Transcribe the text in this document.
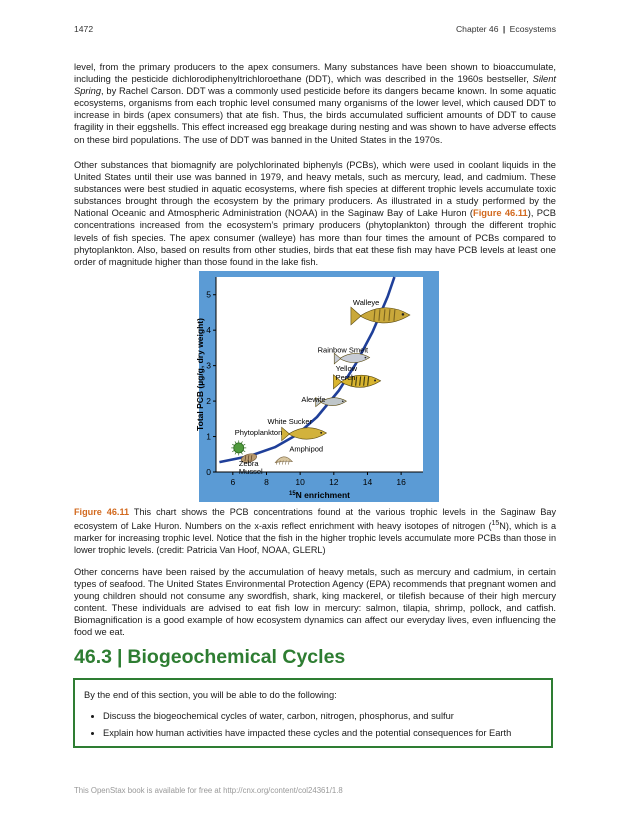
1472	Chapter 46 | Ecosystems

level, from the primary producers to the apex consumers. Many substances have been shown to bioaccumulate, including the pesticide dichlorodiphenyltrichloroethane (DDT), which was described in the 1960s bestseller, Silent Spring, by Rachel Carson. DDT was a commonly used pesticide before its dangers became known. In some aquatic ecosystems, organisms from each trophic level consumed many organisms of the lower level, which caused DDT to increase in birds (apex consumers) that ate fish. Thus, the birds accumulated sufficient amounts of DDT to cause fragility in their eggshells. This effect increased egg breakage during nesting and was shown to have adverse effects on these bird populations. The use of DDT was banned in the United States in the 1970s.

Other substances that biomagnify are polychlorinated biphenyls (PCBs), which were used in coolant liquids in the United States until their use was banned in 1979, and heavy metals, such as mercury, lead, and cadmium. These substances were best studied in aquatic ecosystems, where fish species at different trophic levels accumulate toxic substances brought through the ecosystem by the primary producers. As illustrated in a study performed by the National Oceanic and Atmospheric Administration (NOAA) in the Saginaw Bay of Lake Huron (Figure 46.11), PCB concentrations increased from the ecosystem’s primary producers (phytoplankton) through the different trophic levels of fish species. The apex consumer (walleye) has more than four times the amount of PCBs compared to phytoplankton. Also, based on results from other studies, birds that eat these fish may have PCB levels at least one order of magnitude higher than those found in the lake fish.

0
1
2
3
4
5
6	8	10	12	14	16
$^{15}$N enrichment
Total PCB (µg/g, dry weight)
Walleye
Rainbow Smelt
Yellow
Perch
Alewife
White Sucker
Phytoplankton
Zebra
Mussel
Amphipod

Figure 46.11 This chart shows the PCB concentrations found at the various trophic levels in the Saginaw Bay ecosystem of Lake Huron. Numbers on the x-axis reflect enrichment with heavy isotopes of nitrogen ($^{15}$N), which is a marker for increasing trophic level. Notice that the fish in the higher trophic levels accumulate more PCBs than those in lower trophic levels. (credit: Patricia Van Hoof, NOAA, GLERL)

Other concerns have been raised by the accumulation of heavy metals, such as mercury and cadmium, in certain types of seafood. The United States Environmental Protection Agency (EPA) recommends that pregnant women and young children should not consume any swordfish, shark, king mackerel, or tilefish because of their high mercury content. These individuals are advised to eat fish low in mercury: salmon, tilapia, shrimp, pollock, and catfish. Biomagnification is a good example of how ecosystem dynamics can affect our everyday lives, even influencing the food we eat.

46.3 | Biogeochemical Cycles
By the end of this section, you will be able to do the following:
• Discuss the biogeochemical cycles of water, carbon, nitrogen, phosphorus, and sulfur
• Explain how human activities have impacted these cycles and the potential consequences for Earth
This OpenStax book is available for free at http://cnx.org/content/col24361/1.8
